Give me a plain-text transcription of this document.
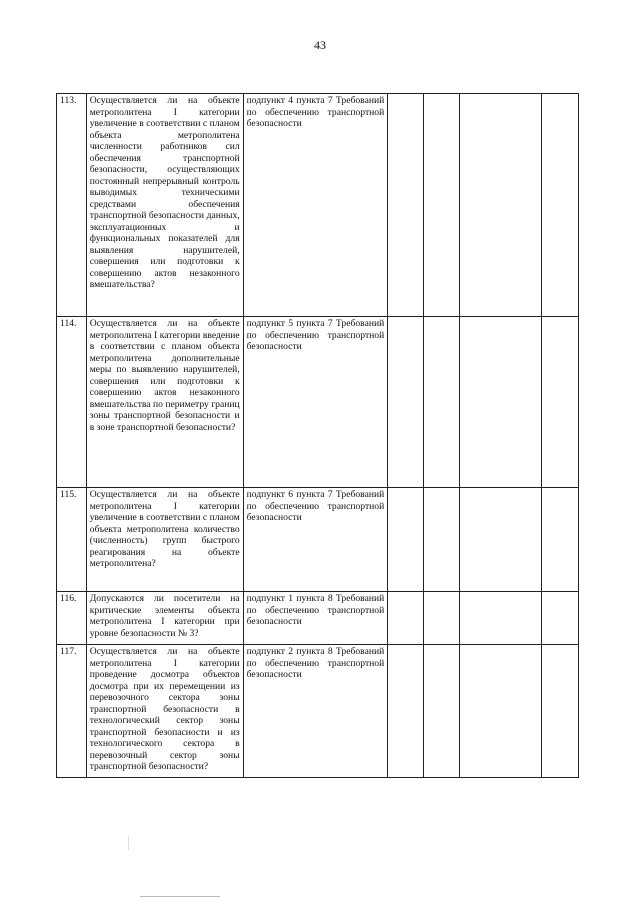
43
113.	Осуществляется ли на объекте метрополитена I категории увеличение в соответствии с планом объекта метрополитена численности работников сил обеспечения транспортной безопасности, осуществляющих постоянный непрерывный контроль выводимых техническими средствами обеспечения транспортной безопасности данных, эксплуатационных и функциональных показателей для выявления нарушителей, совершения или подготовки к совершению актов незаконного вмешательства?	подпункт 4 пункта 7 Требований по обеспечению транспортной безопасности				
114.	Осуществляется ли на объекте метрополитена I категории введение в соответствии с планом объекта метрополитена дополнительные меры по выявлению нарушителей, совершения или подготовки к совершению актов незаконного вмешательства по периметру границ зоны транспортной безопасности и в зоне транспортной безопасности?	подпункт 5 пункта 7 Требований по обеспечению транспортной безопасности				
115.	Осуществляется ли на объекте метрополитена I категории увеличение в соответствии с планом объекта метрополитена количество (численность) групп быстрого реагирования на объекте метрополитена?	подпункт 6 пункта 7 Требований по обеспечению транспортной безопасности				
116.	Допускаются ли посетители на критические элементы объекта метрополитена I категории при уровне безопасности № 3?	подпункт 1 пункта 8 Требований по обеспечению транспортной безопасности				
117.	Осуществляется ли на объекте метрополитена I категории проведение досмотра объектов досмотра при их перемещении из перевозочного сектора зоны транспортной безопасности в технологический сектор зоны транспортной безопасности и из технологического сектора в перевозочный сектор зоны транспортной безопасности?	подпункт 2 пункта 8 Требований по обеспечению транспортной безопасности				
